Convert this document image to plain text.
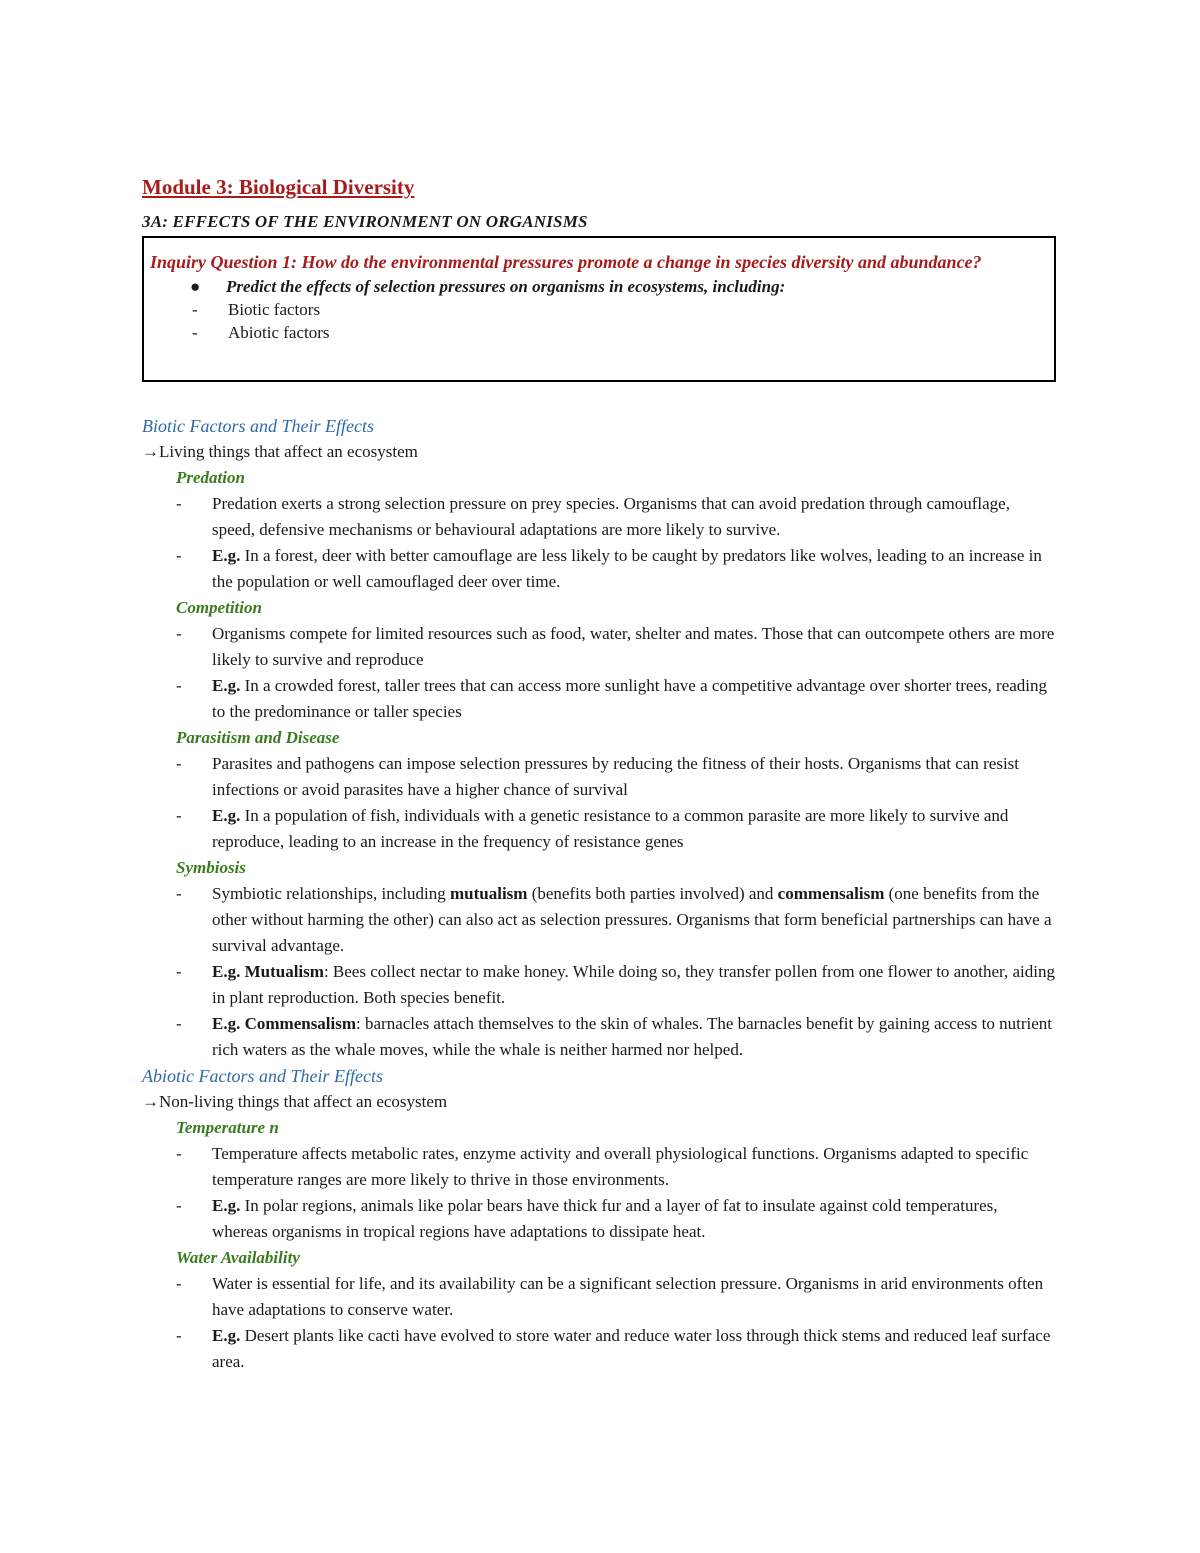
Module 3: Biological Diversity
3A: EFFECTS OF THE ENVIRONMENT ON ORGANISMS

Inquiry Question 1: How do the environmental pressures promote a change in species diversity and abundance?

●	Predict the effects of selection pressures on organisms in ecosystems, including:
-	Biotic factors
-	Abiotic factors

Biotic Factors and Their Effects

→Living things that affect an ecosystem

Predation

-	Predation exerts a strong selection pressure on prey species. Organisms that can avoid predation through camouflage, speed, defensive mechanisms or behavioural adaptations are more likely to survive.
-	E.g. In a forest, deer with better camouflage are less likely to be caught by predators like wolves, leading to an increase in the population or well camouflaged deer over time.

Competition

-	Organisms compete for limited resources such as food, water, shelter and mates. Those that can outcompete others are more likely to survive and reproduce
-	E.g. In a crowded forest, taller trees that can access more sunlight have a competitive advantage over shorter trees, reading to the predominance or taller species

Parasitism and Disease

-	Parasites and pathogens can impose selection pressures by reducing the fitness of their hosts. Organisms that can resist infections or avoid parasites have a higher chance of survival
-	E.g. In a population of fish, individuals with a genetic resistance to a common parasite are more likely to survive and reproduce, leading to an increase in the frequency of resistance genes

Symbiosis

-	Symbiotic relationships, including mutualism (benefits both parties involved) and commensalism (one benefits from the other without harming the other) can also act as selection pressures. Organisms that form beneficial partnerships can have a survival advantage.
-	E.g. Mutualism: Bees collect nectar to make honey. While doing so, they transfer pollen from one flower to another, aiding in plant reproduction. Both species benefit.
-	E.g. Commensalism: barnacles attach themselves to the skin of whales. The barnacles benefit by gaining access to nutrient rich waters as the whale moves, while the whale is neither harmed nor helped.

Abiotic Factors and Their Effects

→Non-living things that affect an ecosystem

Temperature n

-	Temperature affects metabolic rates, enzyme activity and overall physiological functions. Organisms adapted to specific temperature ranges are more likely to thrive in those environments.
-	E.g. In polar regions, animals like polar bears have thick fur and a layer of fat to insulate against cold temperatures, whereas organisms in tropical regions have adaptations to dissipate heat.

Water Availability

-	Water is essential for life, and its availability can be a significant selection pressure. Organisms in arid environments often have adaptations to conserve water.
-	E.g. Desert plants like cacti have evolved to store water and reduce water loss through thick stems and reduced leaf surface area.
